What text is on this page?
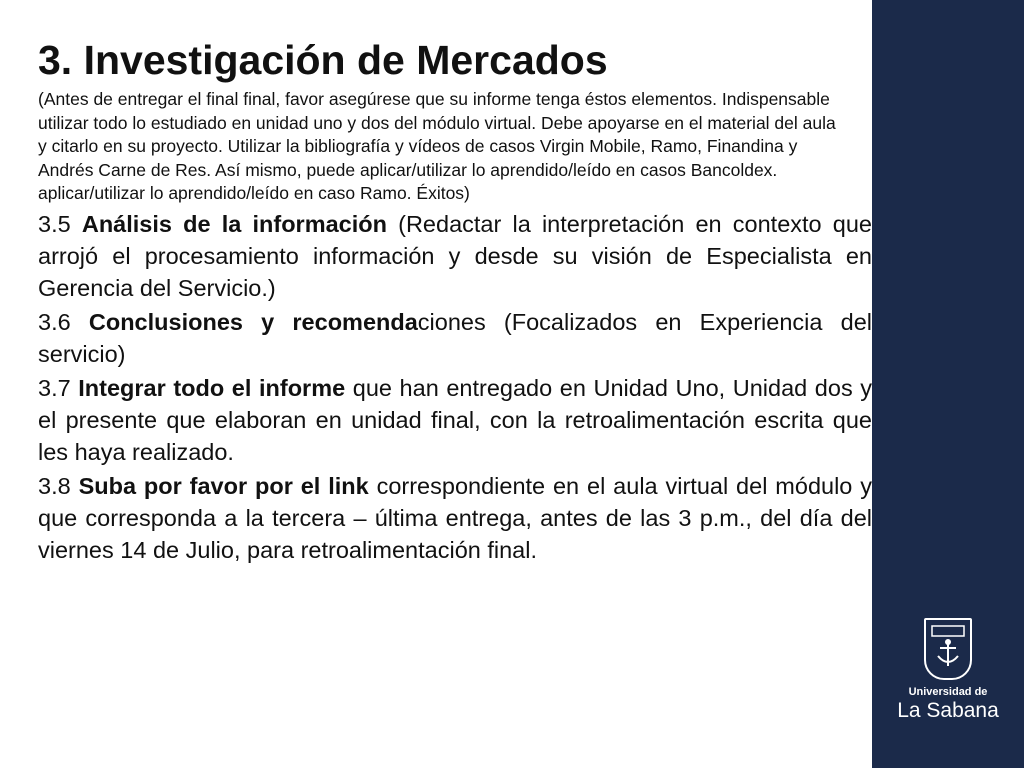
3. Investigación de Mercados

(Antes de entregar el final final, favor asegúrese que su informe tenga éstos elementos. Indispensable utilizar todo lo estudiado en unidad uno y dos del módulo virtual. Debe apoyarse en el material del aula y citarlo en su proyecto. Utilizar la bibliografía y vídeos de casos Virgin Mobile, Ramo, Finandina y Andrés Carne de Res. Así mismo, puede aplicar/utilizar lo aprendido/leído en casos Bancoldex. aplicar/utilizar lo aprendido/leído en caso Ramo. Éxitos)

3.5 Análisis de la información (Redactar la interpretación en contexto que arrojó el procesamiento información y desde su visión de Especialista en Gerencia del Servicio.)

3.6 Conclusiones y recomendaciones (Focalizados en Experiencia del servicio)

3.7 Integrar todo el informe que han entregado en Unidad Uno, Unidad dos y el presente que elaboran en unidad final, con la retroalimentación escrita que les haya realizado.

3.8 Suba por favor por el link correspondiente en el aula virtual del módulo y que corresponda a la tercera – última entrega, antes de las 3 p.m., del día del viernes 14 de Julio, para retroalimentación final.

Universidad de
La Sabana
